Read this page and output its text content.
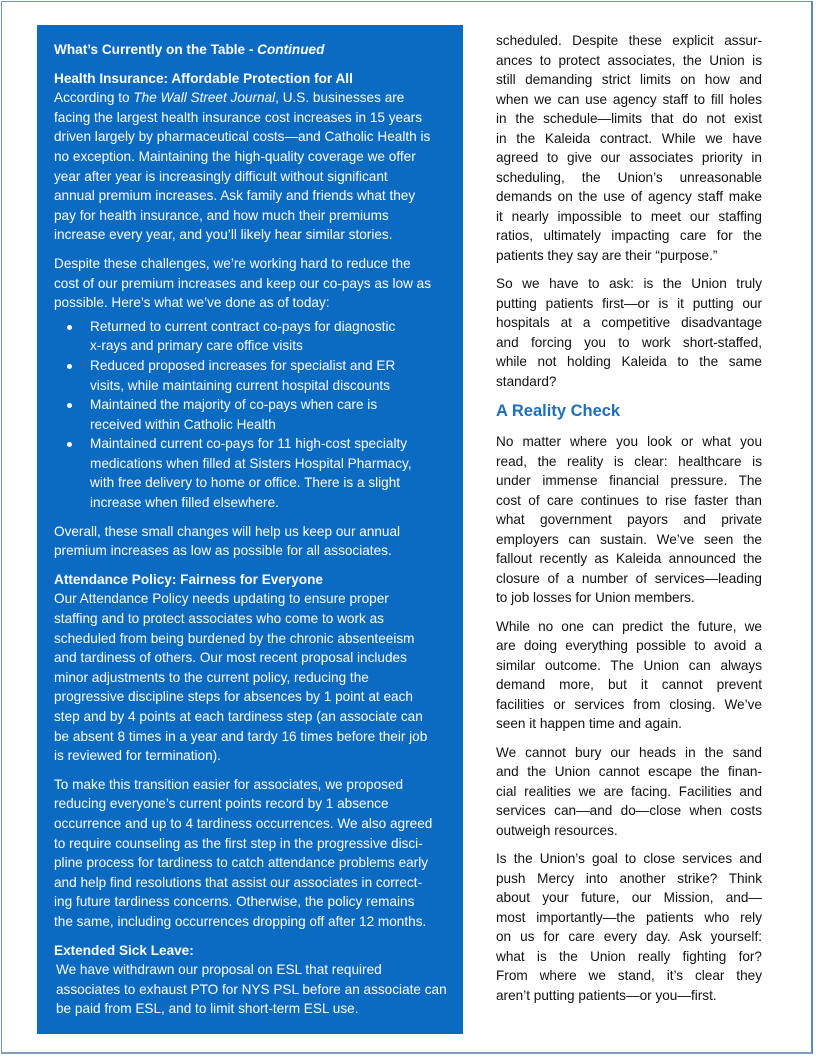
What’s Currently on the Table - Continued
Health Insurance: Affordable Protection for All
According to The Wall Street Journal, U.S. businesses are
facing the largest health insurance cost increases in 15 years
driven largely by pharmaceutical costs—and Catholic Health is
no exception. Maintaining the high-quality coverage we offer
year after year is increasingly difficult without significant
annual premium increases. Ask family and friends what they
pay for health insurance, and how much their premiums
increase every year, and you’ll likely hear similar stories.
Despite these challenges, we’re working hard to reduce the
cost of our premium increases and keep our co-pays as low as
possible. Here’s what we’ve done as of today:
Returned to current contract co-pays for diagnostic
x-rays and primary care office visits
Reduced proposed increases for specialist and ER
visits, while maintaining current hospital discounts
Maintained the majority of co-pays when care is
received within Catholic Health
Maintained current co-pays for 11 high-cost specialty
medications when filled at Sisters Hospital Pharmacy,
with free delivery to home or office. There is a slight
increase when filled elsewhere.
Overall, these small changes will help us keep our annual
premium increases as low as possible for all associates.
Attendance Policy: Fairness for Everyone
Our Attendance Policy needs updating to ensure proper
staffing and to protect associates who come to work as
scheduled from being burdened by the chronic absenteeism
and tardiness of others. Our most recent proposal includes
minor adjustments to the current policy, reducing the
progressive discipline steps for absences by 1 point at each
step and by 4 points at each tardiness step (an associate can
be absent 8 times in a year and tardy 16 times before their job
is reviewed for termination).
To make this transition easier for associates, we proposed
reducing everyone’s current points record by 1 absence
occurrence and up to 4 tardiness occurrences. We also agreed
to require counseling as the first step in the progressive disci-
pline process for tardiness to catch attendance problems early
and help find resolutions that assist our associates in correct-
ing future tardiness concerns. Otherwise, the policy remains
the same, including occurrences dropping off after 12 months.
Extended Sick Leave:
We have withdrawn our proposal on ESL that required
associates to exhaust PTO for NYS PSL before an associate can
be paid from ESL, and to limit short-term ESL use.
scheduled. Despite these explicit assur-
ances to protect associates, the Union is
still demanding strict limits on how and
when we can use agency staff to fill holes
in the schedule—limits that do not exist
in the Kaleida contract. While we have
agreed to give our associates priority in
scheduling, the Union’s unreasonable
demands on the use of agency staff make
it nearly impossible to meet our staffing
ratios, ultimately impacting care for the
patients they say are their “purpose.”
So we have to ask: is the Union truly
putting patients first—or is it putting our
hospitals at a competitive disadvantage
and forcing you to work short-staffed,
while not holding Kaleida to the same
standard?
A Reality Check
No matter where you look or what you
read, the reality is clear: healthcare is
under immense financial pressure. The
cost of care continues to rise faster than
what government payors and private
employers can sustain. We’ve seen the
fallout recently as Kaleida announced the
closure of a number of services—leading
to job losses for Union members.
While no one can predict the future, we
are doing everything possible to avoid a
similar outcome. The Union can always
demand more, but it cannot prevent
facilities or services from closing. We’ve
seen it happen time and again.
We cannot bury our heads in the sand
and the Union cannot escape the finan-
cial realities we are facing. Facilities and
services can—and do—close when costs
outweigh resources.
Is the Union’s goal to close services and
push Mercy into another strike? Think
about your future, our Mission, and—
most importantly—the patients who rely
on us for care every day. Ask yourself:
what is the Union really fighting for?
From where we stand, it’s clear they
aren’t putting patients—or you—first.
